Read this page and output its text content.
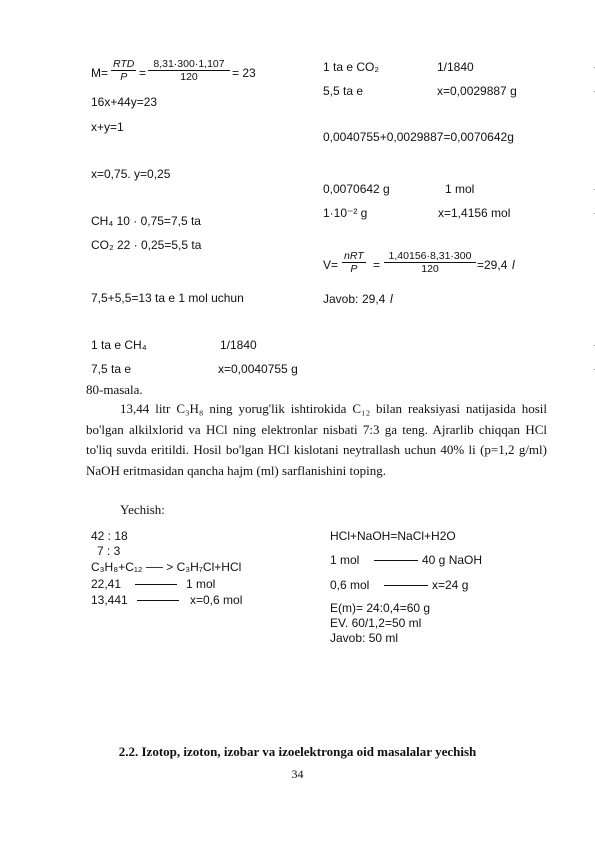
M=
RTD
$P = \frac{8,31\cdot 300\cdot 1,107}{120} = 23$
16x+44y=23
x+y=1
x=0,75. y=0,25
CH₄ 10 · 0,75=7,5 ta
CO₂ 22 · 0,25=5,5 ta
7,5+5,5=13 ta e 1 mol uchun
1 ta e CH₄	1/1840
7,5 ta e	x=0,0040755 g
1 ta e CO₂	1/1840
5,5 ta e	x=0,0029887 g
0,0040755+0,0029887=0,0070642g
0,0070642 g	1 mol
1·10⁻² g	x=1,4156 mol
V=
nRT
P	= $\frac{1,40156\cdot 8,31\cdot 300}{120} =29,4$ l
Javob: 29,4 l
80-masala.
13,44 litr C₃H₈ ning yorug'lik ishtirokida C₁₂ bilan reaksiyasi natijasida hosil bo'lgan alkilxlorid va HCl ning elektronlar nisbati 7:3 ga teng. Ajrarlib chiqqan HCl to'liq suvda eritildi. Hosil bo'lgan HCl kislotani neytrallash uchun 40% li (p=1,2 g/ml) NaOH eritmasidan qancha hajm (ml) sarflanishini toping.
Yechish:
42 : 18
7 : 3
C₃H₈+C₁₂ ── > C₃H₇Cl+HCl
22,41	1 mol
13,441	x=0,6 mol
HCl+NaOH=NaCl+H2O
1 mol	40 g NaOH
0,6 mol	x=24 g
E(m)= 24:0,4=60 g
EV. 60/1,2=50 ml
Javob: 50 ml
2.2. Izotop, izoton, izobar va izoelektronga oid masalalar yechish
34
